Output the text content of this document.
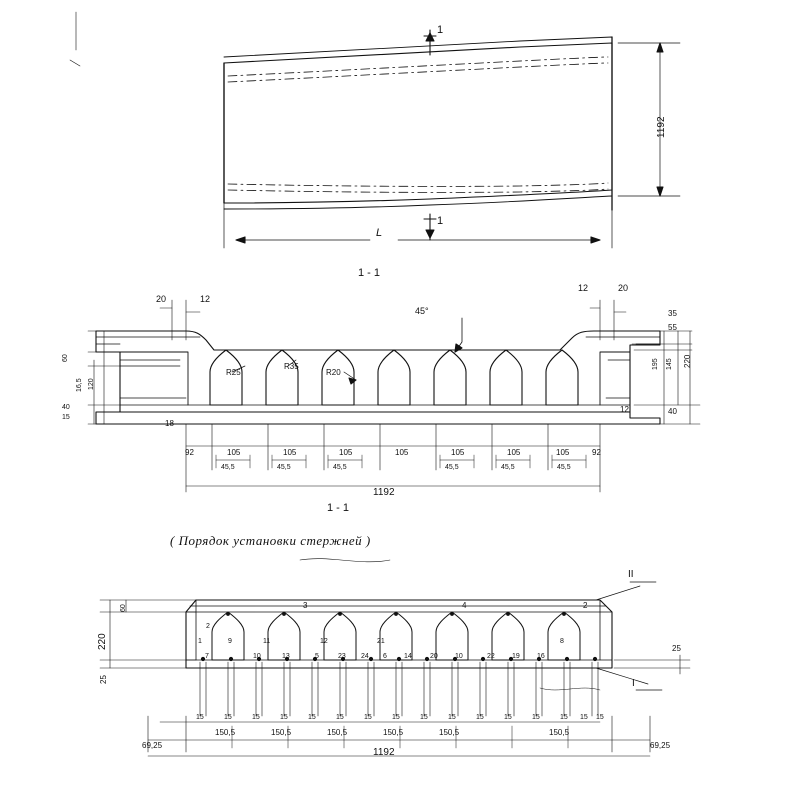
1
1
L
1192
1 - 1
1 - 1
45°
R25
R35
R20
20	12
12	20
12
18
60
120
16,5
40
15
35
55
195 145 220
40
92	105	105	105	105	105	105	105	92
45,5	45,5	45,5	45,5	45,5	45,5
1192
( Порядок установки стержней )
II
I
60
220
25
25
3	4	2
1
7
9
10	13	5	23 24 6 14	20 10	22 19 16
8
2
11	12	21
15	15	15	15	15	15	15	15	15	15	15	15	15	15 15 15
69,25
150,5	150,5	150,5	150,5	150,5	150,5
69,25
1192
